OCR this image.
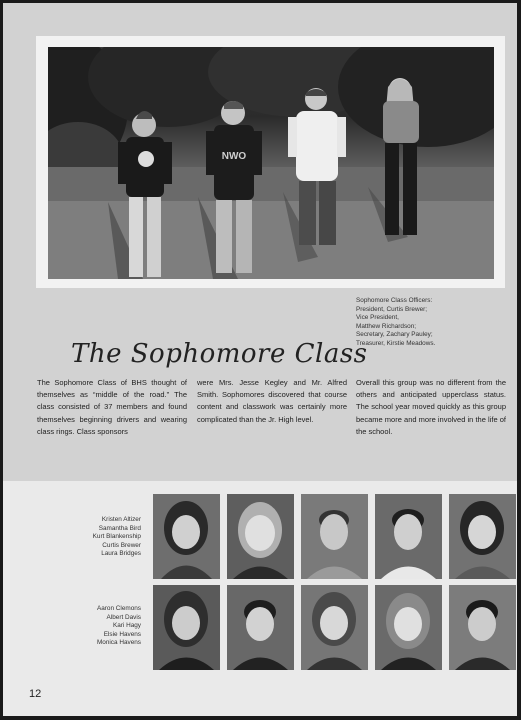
NWO
Sophomore Class Officers:
President, Curtis Brewer;
Vice President,
Matthew Richardson;
Secretary, Zachary Pauley;
Treasurer, Kirstie Meadows.
The Sophomore Class
The Sophomore Class of BHS thought of themselves as “middle of the road.” The class consisted of 37 members and found themselves beginning drivers and wearing class rings. Class sponsors
were Mrs. Jesse Kegley and Mr. Alfred Smith. Sophomores discovered that course content and classwork was certainly more complicated than the Jr. High level.
Overall this group was no different from the others and anticipated upperclass status. The school year moved quickly as this group became more and more involved in the life of the school.
Kristen Altizer
Samantha Bird
Kurt Blankenship
Curtis Brewer
Laura Bridges
Aaron Clemons
Albert Davis
Kari Hagy
Elsie Havens
Monica Havens
12
